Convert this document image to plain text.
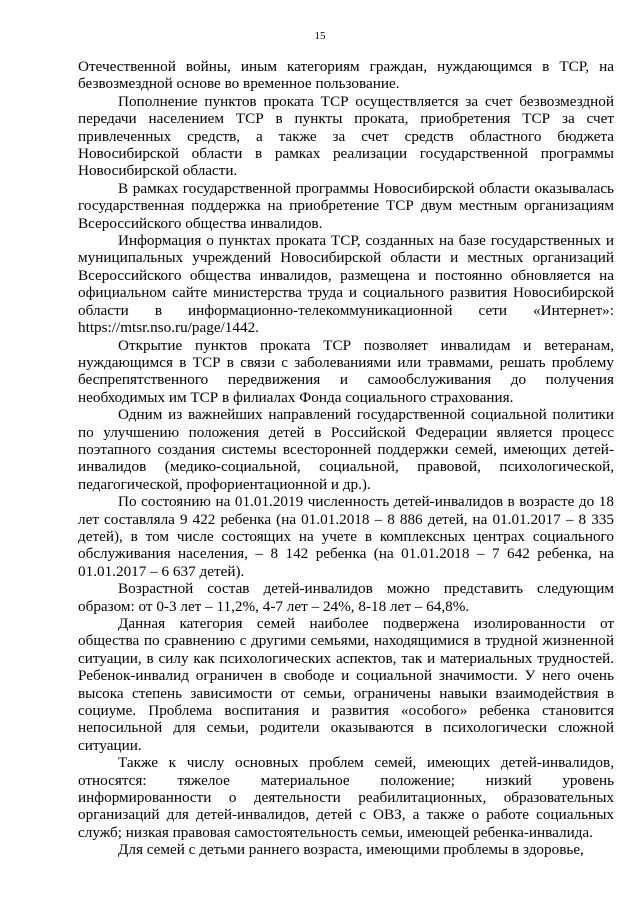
15

Отечественной войны, иным категориям граждан, нуждающимся в ТСР, на безвозмездной основе во временное пользование.

Пополнение пунктов проката ТСР осуществляется за счет безвозмездной передачи населением ТСР в пункты проката, приобретения ТСР за счет привлеченных средств, а также за счет средств областного бюджета Новосибирской области в рамках реализации государственной программы Новосибирской области.

В рамках государственной программы Новосибирской области оказывалась государственная поддержка на приобретение ТСР двум местным организациям Всероссийского общества инвалидов.

Информация о пунктах проката ТСР, созданных на базе государственных и муниципальных учреждений Новосибирской области и местных организаций Всероссийского общества инвалидов, размещена и постоянно обновляется на официальном сайте министерства труда и социального развития Новосибирской области в информационно-телекоммуникационной сети «Интернет»: https://mtsr.nso.ru/page/1442.

Открытие пунктов проката ТСР позволяет инвалидам и ветеранам, нуждающимся в ТСР в связи с заболеваниями или травмами, решать проблему беспрепятственного передвижения и самообслуживания до получения необходимых им ТСР в филиалах Фонда социального страхования.

Одним из важнейших направлений государственной социальной политики по улучшению положения детей в Российской Федерации является процесс поэтапного создания системы всесторонней поддержки семей, имеющих детей-инвалидов (медико-социальной, социальной, правовой, психологической, педагогической, профориентационной и др.).

По состоянию на 01.01.2019 численность детей-инвалидов в возрасте до 18 лет составляла 9 422 ребенка (на 01.01.2018 – 8 886 детей, на 01.01.2017 – 8 335 детей), в том числе состоящих на учете в комплексных центрах социального обслуживания населения, – 8 142 ребенка (на 01.01.2018 – 7 642 ребенка, на 01.01.2017 – 6 637 детей).

Возрастной состав детей-инвалидов можно представить следующим образом: от 0-3 лет – 11,2%, 4-7 лет – 24%, 8-18 лет – 64,8%.

Данная категория семей наиболее подвержена изолированности от общества по сравнению с другими семьями, находящимися в трудной жизненной ситуации, в силу как психологических аспектов, так и материальных трудностей. Ребенок-инвалид ограничен в свободе и социальной значимости. У него очень высока степень зависимости от семьи, ограничены навыки взаимодействия в социуме. Проблема воспитания и развития «особого» ребенка становится непосильной для семьи, родители оказываются в психологически сложной ситуации.

Также к числу основных проблем семей, имеющих детей-инвалидов, относятся: тяжелое материальное положение; низкий уровень информированности о деятельности реабилитационных, образовательных организаций для детей-инвалидов, детей с ОВЗ, а также о работе социальных служб; низкая правовая самостоятельность семьи, имеющей ребенка-инвалида.

Для семей с детьми раннего возраста, имеющими проблемы в здоровье,
